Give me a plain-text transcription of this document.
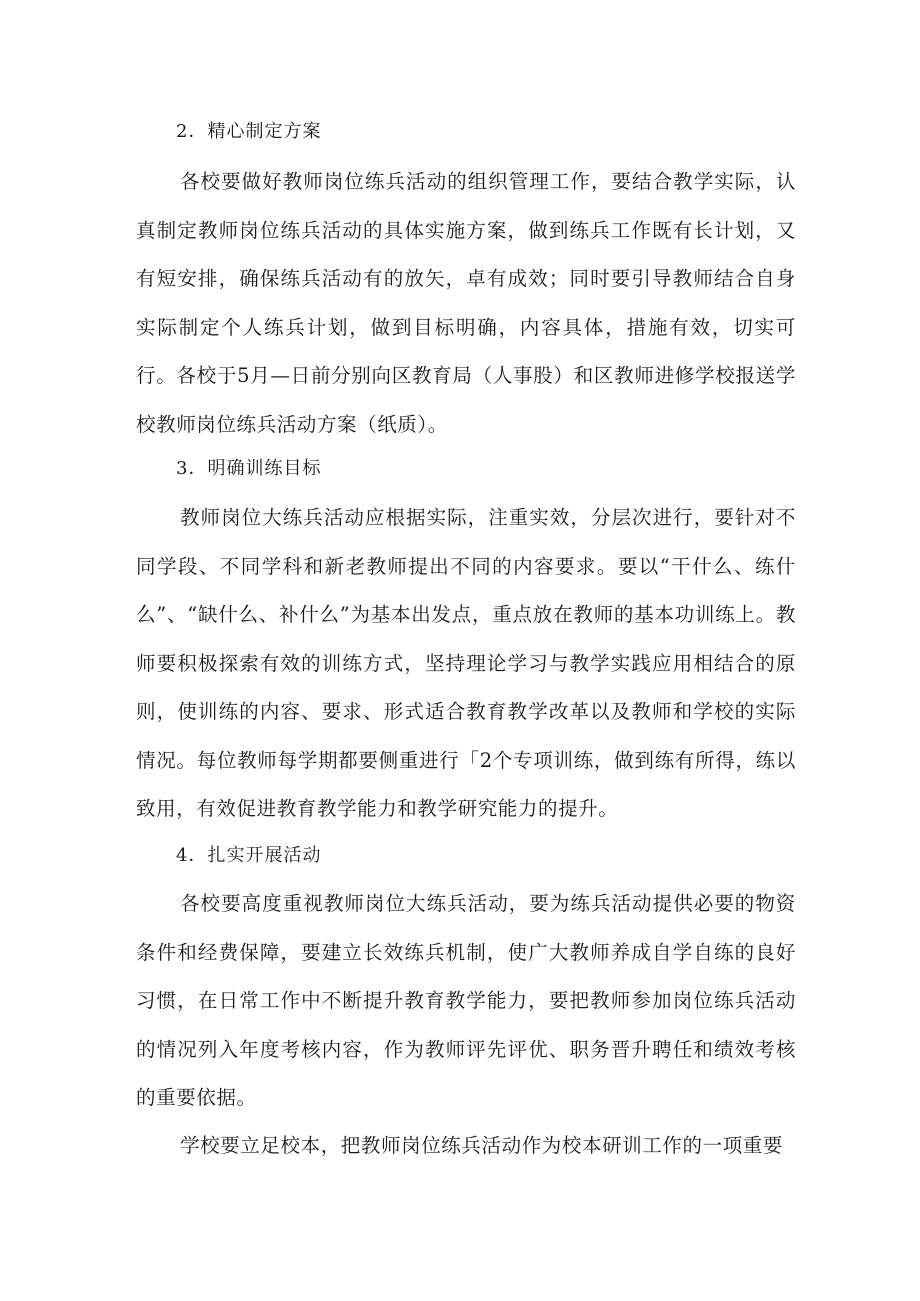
2．精心制定方案

各校要做好教师岗位练兵活动的组织管理工作，要结合教学实际，认真制定教师岗位练兵活动的具体实施方案，做到练兵工作既有长计划，又有短安排，确保练兵活动有的放矢，卓有成效；同时要引导教师结合自身实际制定个人练兵计划，做到目标明确，内容具体，措施有效，切实可行。各校于5月—日前分别向区教育局（人事股）和区教师进修学校报送学校教师岗位练兵活动方案（纸质）。

3．明确训练目标

教师岗位大练兵活动应根据实际，注重实效，分层次进行，要针对不同学段、不同学科和新老教师提出不同的内容要求。要以“干什么、练什么”、“缺什么、补什么”为基本出发点，重点放在教师的基本功训练上。教师要积极探索有效的训练方式，坚持理论学习与教学实践应用相结合的原则，使训练的内容、要求、形式适合教育教学改革以及教师和学校的实际情况。每位教师每学期都要侧重进行「2个专项训练，做到练有所得，练以致用，有效促进教育教学能力和教学研究能力的提升。

4．扎实开展活动

各校要高度重视教师岗位大练兵活动，要为练兵活动提供必要的物资条件和经费保障，要建立长效练兵机制，使广大教师养成自学自练的良好习惯，在日常工作中不断提升教育教学能力，要把教师参加岗位练兵活动的情况列入年度考核内容，作为教师评先评优、职务晋升聘任和绩效考核的重要依据。

学校要立足校本，把教师岗位练兵活动作为校本研训工作的一项重要
